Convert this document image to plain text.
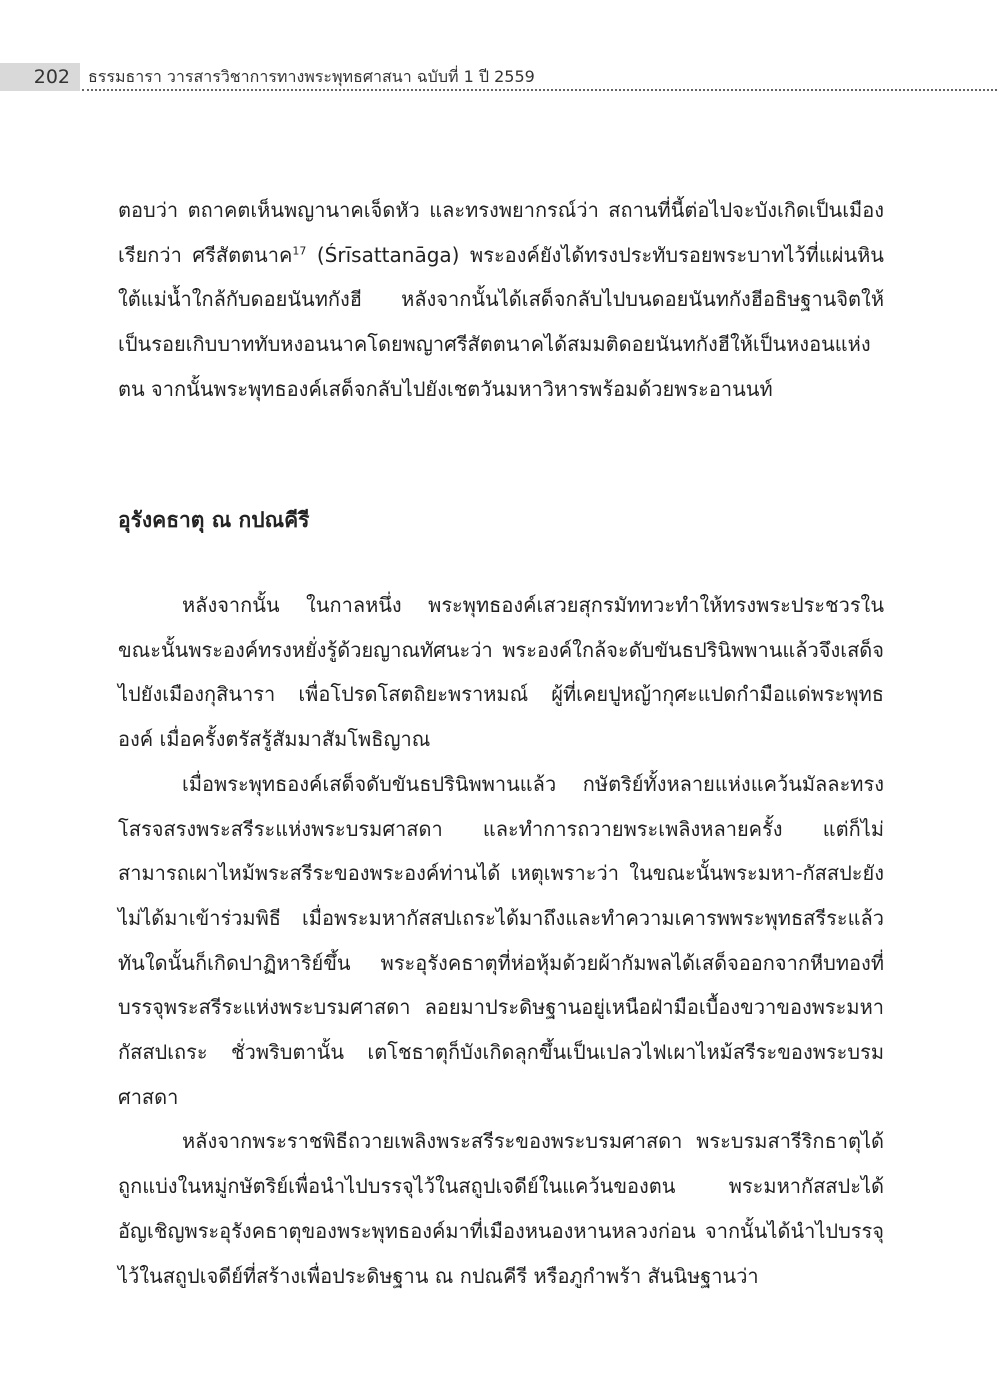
202	ธรรมธารา วารสารวิชาการทางพระพุทธศาสนา ฉบับที่ 1 ปี 2559

ตอบว่า ตถาคตเห็นพญานาคเจ็ดหัว และทรงพยากรณ์ว่า สถานที่นี้ต่อไปจะบังเกิดเป็นเมืองเรียกว่า ศรีสัตตนาค$^{17}$ (Śrīsattanāga) พระองค์ยังได้ทรงประทับรอยพระบาทไว้ที่แผ่นหินใต้แม่น้ำใกล้กับดอยนันทกังฮี หลังจากนั้นได้เสด็จกลับไปบนดอยนันทกังฮีอธิษฐานจิตให้เป็นรอยเกิบบาททับหงอนนาคโดยพญาศรีสัตตนาคได้สมมติดอยนันทกังฮีให้เป็นหงอนแห่งตน จากนั้นพระพุทธองค์เสด็จกลับไปยังเชตวันมหาวิหารพร้อมด้วยพระอานนท์

อุรังคธาตุ ณ กปณคีรี

หลังจากนั้น ในกาลหนึ่ง พระพุทธองค์เสวยสุกรมัททวะทำให้ทรงพระประชวรในขณะนั้นพระองค์ทรงหยั่งรู้ด้วยญาณทัศนะว่า พระองค์ใกล้จะดับขันธปรินิพพานแล้วจึงเสด็จไปยังเมืองกุสินารา เพื่อโปรดโสตถิยะพราหมณ์ ผู้ที่เคยปูหญ้ากุศะแปดกำมือแด่พระพุทธองค์ เมื่อครั้งตรัสรู้สัมมาสัมโพธิญาณ

เมื่อพระพุทธองค์เสด็จดับขันธปรินิพพานแล้ว กษัตริย์ทั้งหลายแห่งแคว้นมัลละทรงโสรจสรงพระสรีระแห่งพระบรมศาสดา และทำการถวายพระเพลิงหลายครั้ง แต่ก็ไม่สามารถเผาไหม้พระสรีระของพระองค์ท่านได้ เหตุเพราะว่า ในขณะนั้นพระมหา-กัสสปะยังไม่ได้มาเข้าร่วมพิธี เมื่อพระมหากัสสปเถระได้มาถึงและทำความเคารพพระพุทธสรีระแล้ว ทันใดนั้นก็เกิดปาฏิหาริย์ขึ้น พระอุรังคธาตุที่ห่อหุ้มด้วยผ้ากัมพลได้เสด็จออกจากหีบทองที่บรรจุพระสรีระแห่งพระบรมศาสดา ลอยมาประดิษฐานอยู่เหนือฝ่ามือเบื้องขวาของพระมหากัสสปเถระ ชั่วพริบตานั้น เตโชธาตุก็บังเกิดลุกขึ้นเป็นเปลวไฟเผาไหม้สรีระของพระบรมศาสดา

หลังจากพระราชพิธีถวายเพลิงพระสรีระของพระบรมศาสดา พระบรมสารีริกธาตุได้ถูกแบ่งในหมู่กษัตริย์เพื่อนำไปบรรจุไว้ในสถูปเจดีย์ในแคว้นของตน พระมหากัสสปะได้อัญเชิญพระอุรังคธาตุของพระพุทธองค์มาที่เมืองหนองหานหลวงก่อน จากนั้นได้นำไปบรรจุไว้ในสถูปเจดีย์ที่สร้างเพื่อประดิษฐาน ณ กปณคีรี หรือภูกำพร้า สันนิษฐานว่า
